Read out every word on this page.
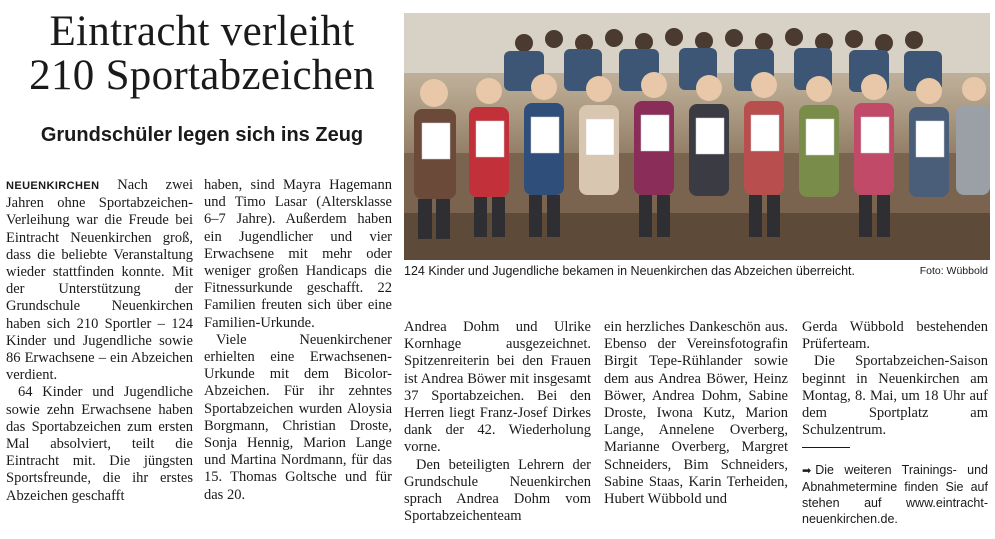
Eintracht verleiht
210 Sportabzeichen
Grundschüler legen sich ins Zeug

NEUENKIRCHEN Nach zwei Jahren ohne Sportabzeichen-Verleihung war die Freude bei Eintracht Neuenkirchen groß, dass die beliebte Veranstaltung wieder stattfinden konnte. Mit der Unterstützung der Grundschule Neuenkirchen haben sich 210 Sportler – 124 Kinder und Jugendliche sowie 86 Erwachsene – ein Abzeichen verdient.

64 Kinder und Jugendliche sowie zehn Erwachsene haben das Sportabzeichen zum ersten Mal absolviert, teilt die Eintracht mit. Die jüngsten Sportsfreunde, die ihr erstes Abzeichen geschafft

haben, sind Mayra Hagemann und Timo Lasar (Altersklasse 6–7 Jahre). Außerdem haben ein Jugendlicher und vier Erwachsene mit mehr oder weniger großen Handicaps die Fitnessurkunde geschafft. 22 Familien freuten sich über eine Familien-Urkunde.

Viele Neuenkirchener erhielten eine Erwachsenen-Urkunde mit dem Bicolor-Abzeichen. Für ihr zehntes Sportabzeichen wurden Aloysia Borgmann, Christian Droste, Sonja Hennig, Marion Lange und Martina Nordmann, für das 15. Thomas Goltsche und für das 20.

124 Kinder und Jugendliche bekamen in Neuenkirchen das Abzeichen überreicht.	Foto: Wübbold

Andrea Dohm und Ulrike Kornhage ausgezeichnet. Spitzenreiterin bei den Frauen ist Andrea Böwer mit insgesamt 37 Sportabzeichen. Bei den Herren liegt Franz-Josef Dirkes dank der 42. Wiederholung vorne.

Den beteiligten Lehrern der Grundschule Neuenkirchen sprach Andrea Dohm vom Sportabzeichenteam

ein herzliches Dankeschön aus. Ebenso der Vereinsfotografin Birgit Tepe-Rühlander sowie dem aus Andrea Böwer, Heinz Böwer, Andrea Dohm, Sabine Droste, Iwona Kutz, Marion Lange, Annelene Overberg, Marianne Overberg, Margret Schneiders, Bim Schneiders, Sabine Staas, Karin Terheiden, Hubert Wübbold und

Gerda Wübbold bestehenden Prüferteam.

Die Sportabzeichen-Saison beginnt in Neuenkirchen am Montag, 8. Mai, um 18 Uhr auf dem Sportplatz am Schulzentrum.

➡ Die weiteren Trainings- und Abnahmetermine finden Sie auf stehen auf www.eintracht-neuenkirchen.de.
